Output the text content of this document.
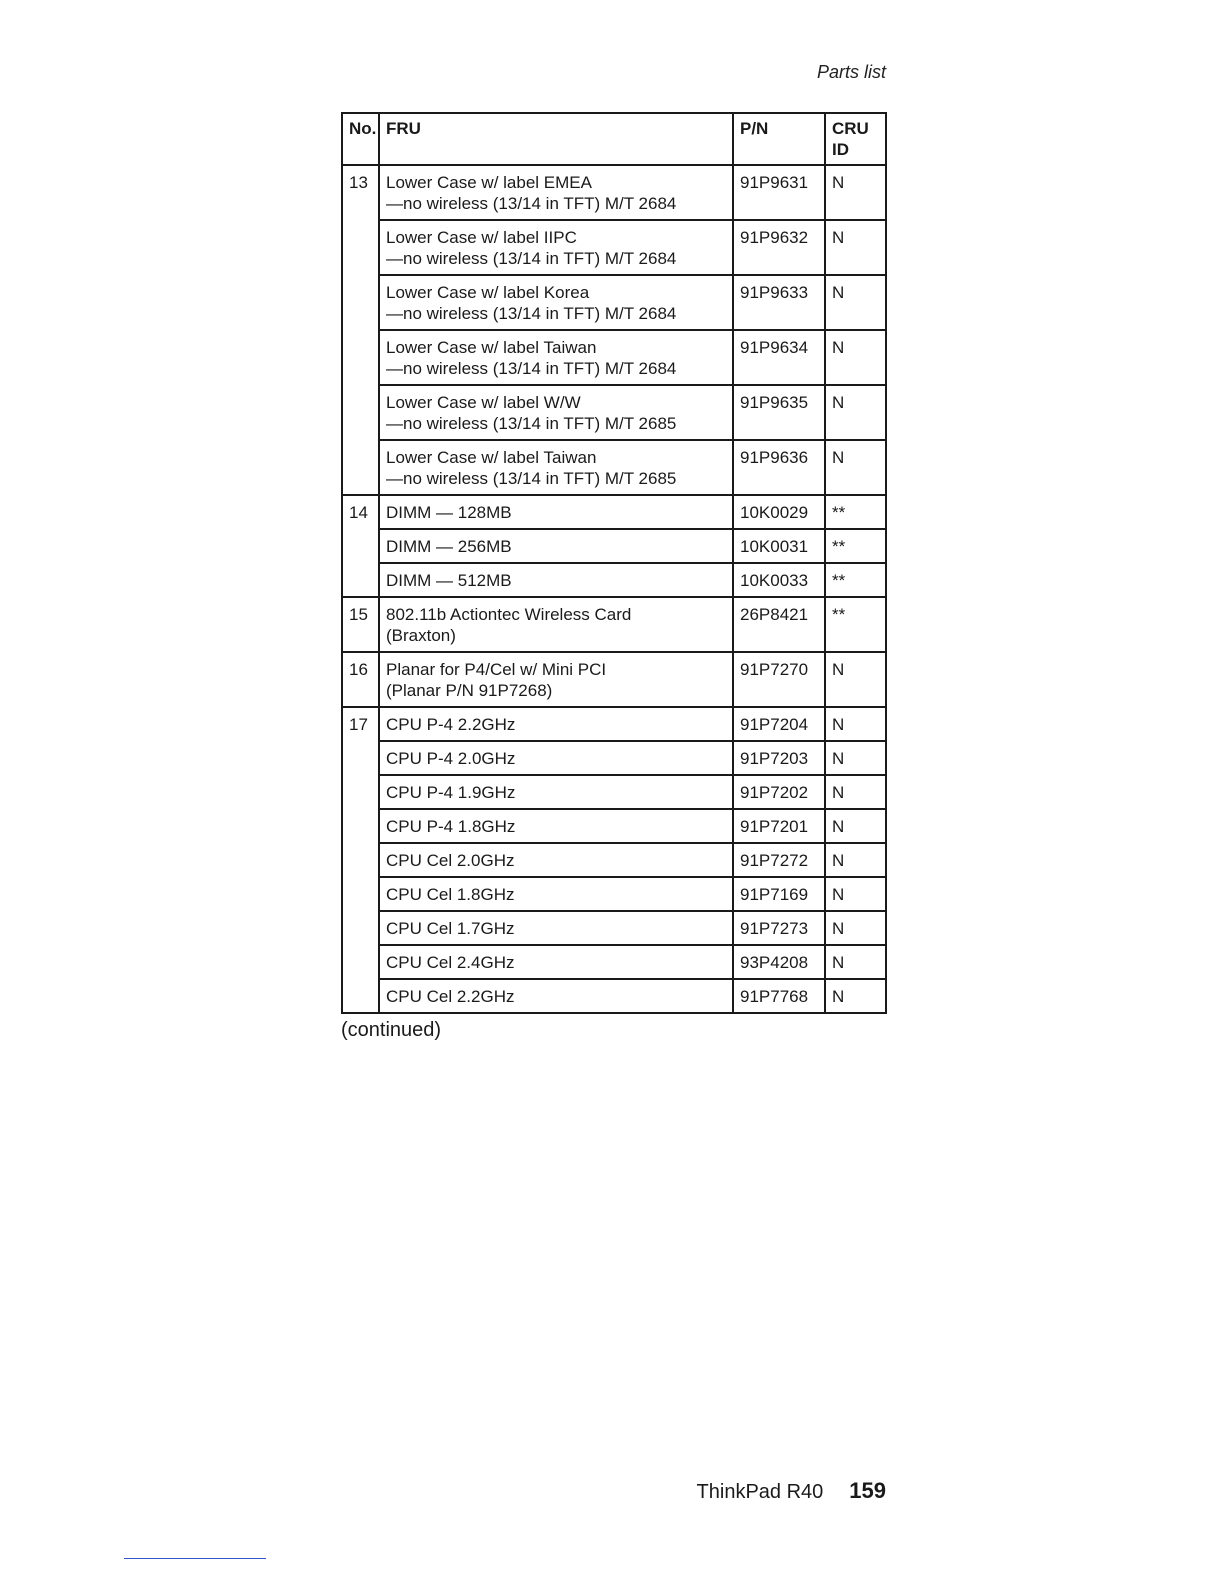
Parts list
No.	FRU	P/N	CRU
ID

13	Lower Case w/ label EMEA
—no wireless (13/14 in TFT) M/T 2684	91P9631	N

	Lower Case w/ label IIPC
—no wireless (13/14 in TFT) M/T 2684	91P9632	N

	Lower Case w/ label Korea
—no wireless (13/14 in TFT) M/T 2684	91P9633	N

	Lower Case w/ label Taiwan
—no wireless (13/14 in TFT) M/T 2684	91P9634	N

	Lower Case w/ label W/W
—no wireless (13/14 in TFT) M/T 2685	91P9635	N

	Lower Case w/ label Taiwan
—no wireless (13/14 in TFT) M/T 2685	91P9636	N
14	DIMM — 128MB	10K0029	**

	DIMM — 256MB	10K0031	**

	DIMM — 512MB	10K0033	**
15	802.11b Actiontec Wireless Card
(Braxton)	26P8421	**
16	Planar for P4/Cel w/ Mini PCI
(Planar P/N 91P7268)	91P7270	N
17	CPU P-4 2.2GHz	91P7204	N

	CPU P-4 2.0GHz	91P7203	N

	CPU P-4 1.9GHz	91P7202	N

	CPU P-4 1.8GHz	91P7201	N

	CPU Cel 2.0GHz	91P7272	N

	CPU Cel 1.8GHz	91P7169	N

	CPU Cel 1.7GHz	91P7273	N

	CPU Cel 2.4GHz	93P4208	N

	CPU Cel 2.2GHz	91P7768	N
(continued)
ThinkPad R40 159
